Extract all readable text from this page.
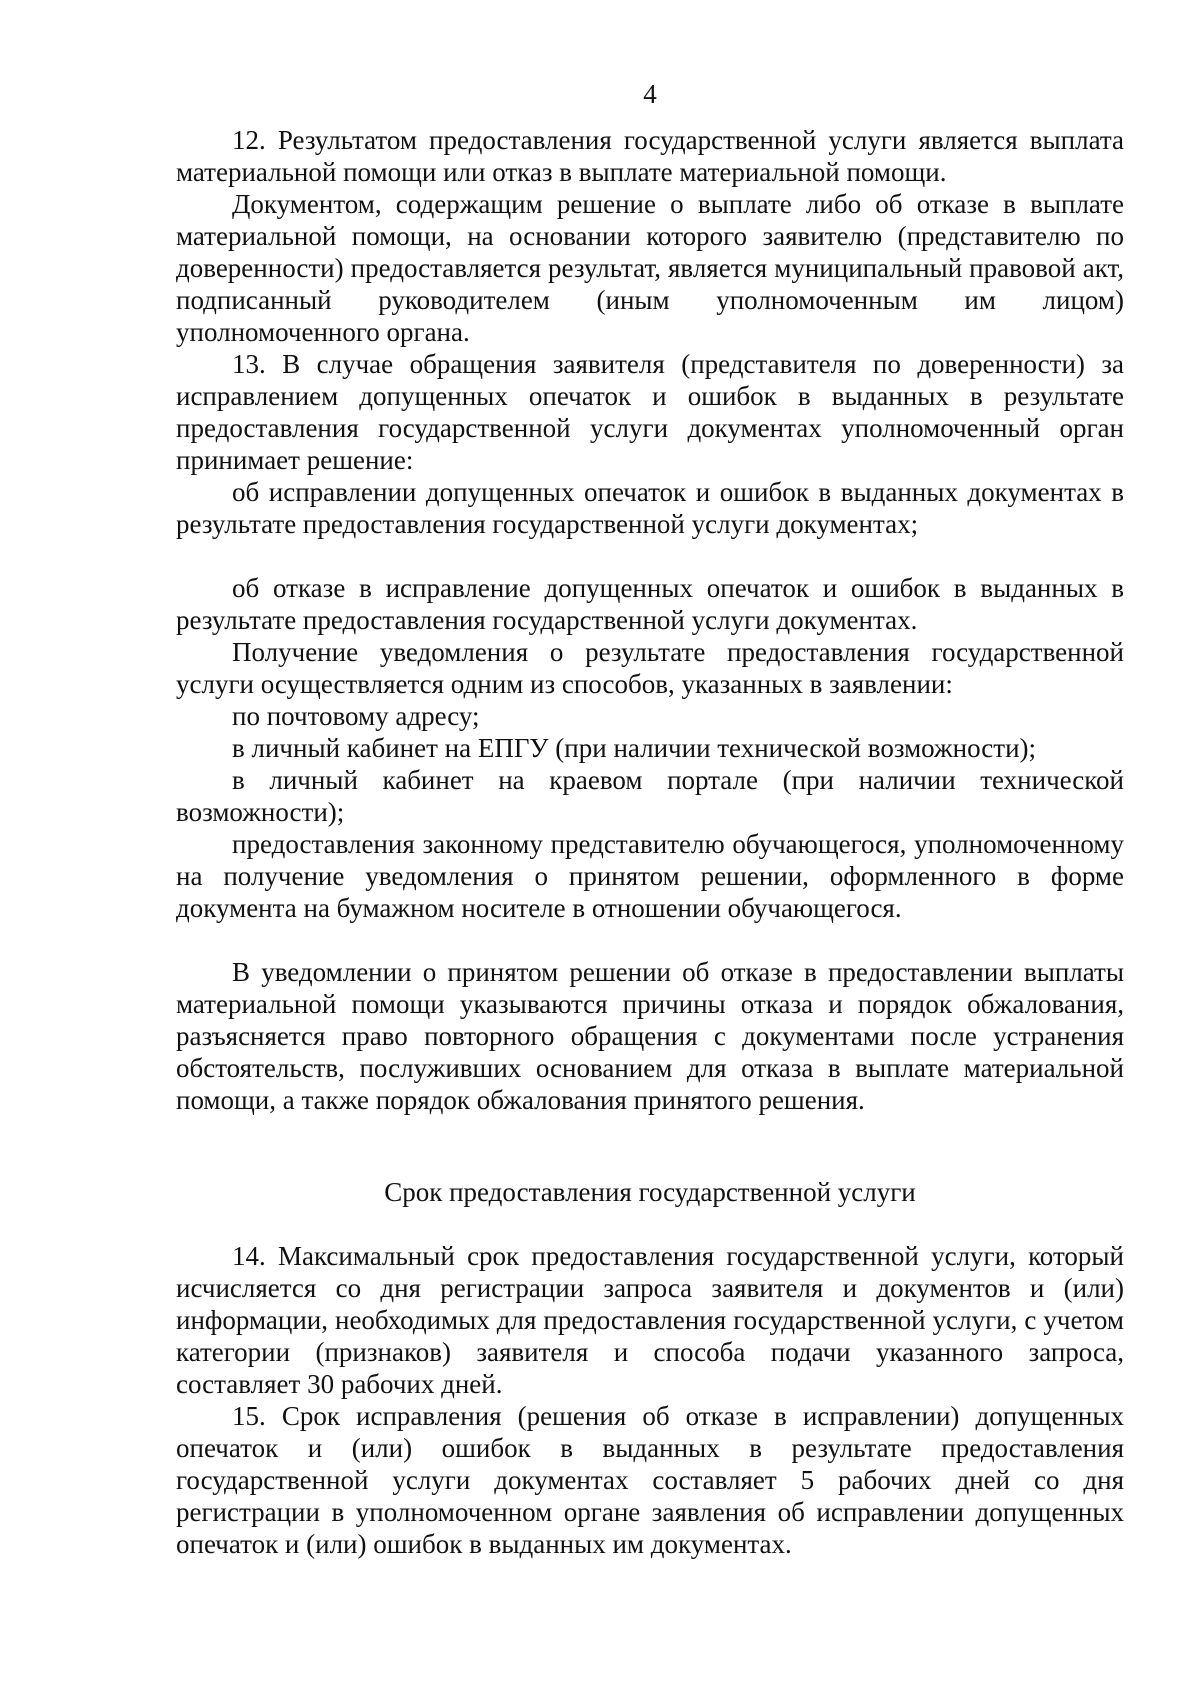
4

12. Результатом предоставления государственной услуги является выплата материальной помощи или отказ в выплате материальной помощи.

Документом, содержащим решение о выплате либо об отказе в выплате материальной помощи, на основании которого заявителю (представителю по доверенности) предоставляется результат, является муниципальный правовой акт, подписанный руководителем (иным уполномоченным им лицом) уполномоченного органа.

13. В случае обращения заявителя (представителя по доверенности) за исправлением допущенных опечаток и ошибок в выданных в результате предоставления государственной услуги документах уполномоченный орган принимает решение:

об исправлении допущенных опечаток и ошибок в выданных документах в результате предоставления государственной услуги документах;

об отказе в исправление допущенных опечаток и ошибок в выданных в результате предоставления государственной услуги документах.

Получение уведомления о результате предоставления государственной услуги осуществляется одним из способов, указанных в заявлении:

по почтовому адресу;

в личный кабинет на ЕПГУ (при наличии технической возможности);

в личный кабинет на краевом портале (при наличии технической возможности);

предоставления законному представителю обучающегося, уполномоченному на получение уведомления о принятом решении, оформленного в форме документа на бумажном носителе в отношении обучающегося.

В уведомлении о принятом решении об отказе в предоставлении выплаты материальной помощи указываются причины отказа и порядок обжалования, разъясняется право повторного обращения с документами после устранения обстоятельств, послуживших основанием для отказа в выплате материальной помощи, а также порядок обжалования принятого решения.

Срок предоставления государственной услуги

14. Максимальный срок предоставления государственной услуги, который исчисляется со дня регистрации запроса заявителя и документов и (или) информации, необходимых для предоставления государственной услуги, с учетом категории (признаков) заявителя и способа подачи указанного запроса, составляет 30 рабочих дней.

15. Срок исправления (решения об отказе в исправлении) допущенных опечаток и (или) ошибок в выданных в результате предоставления государственной услуги документах составляет 5 рабочих дней со дня регистрации в уполномоченном органе заявления об исправлении допущенных опечаток и (или) ошибок в выданных им документах.
